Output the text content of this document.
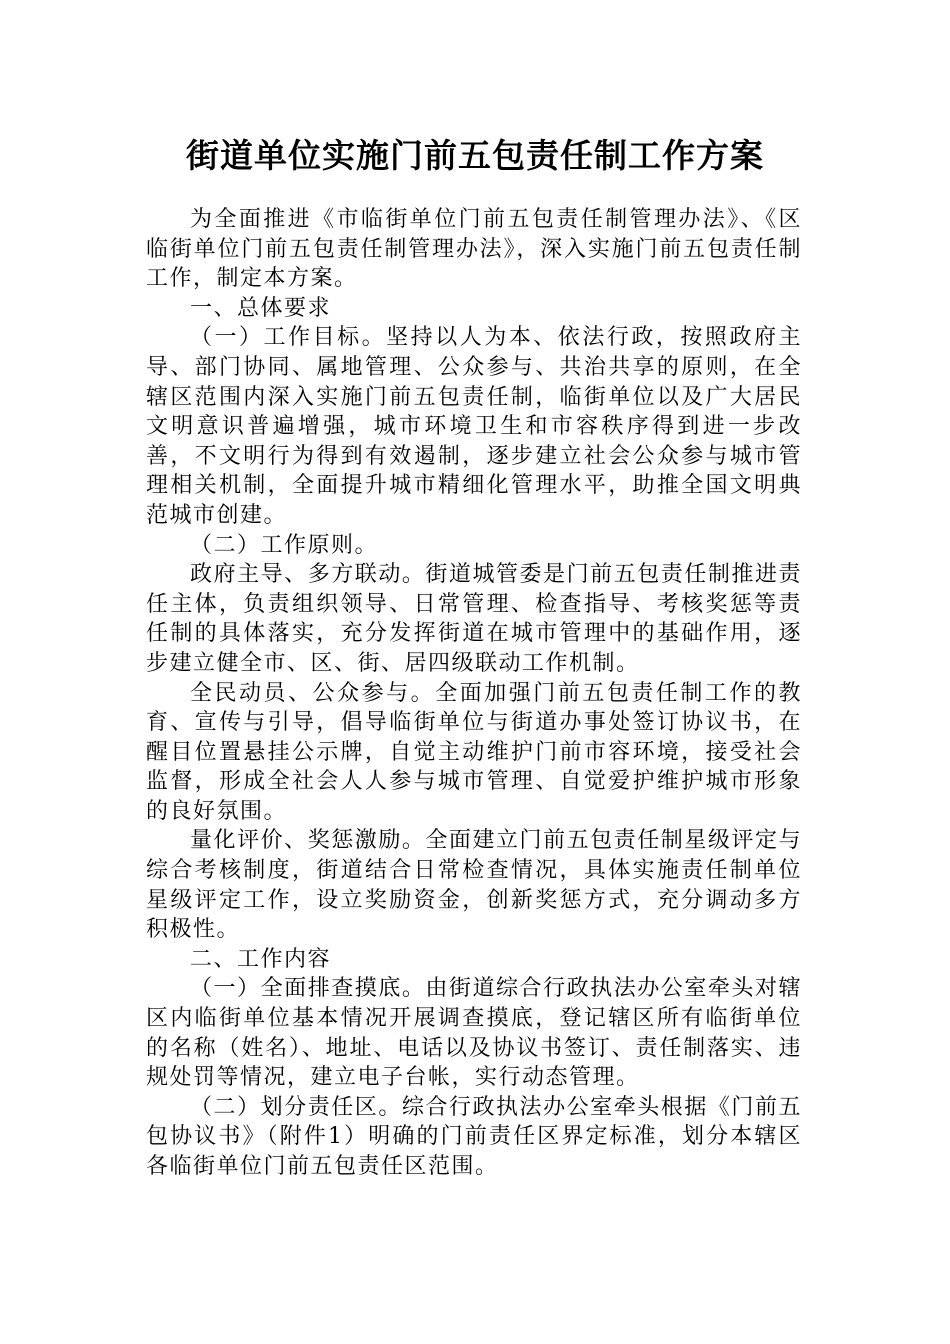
街道单位实施门前五包责任制工作方案

为全面推进《市临街单位门前五包责任制管理办法》、《区临街单位门前五包责任制管理办法》，深入实施门前五包责任制工作，制定本方案。

一、总体要求

（一）工作目标。坚持以人为本、依法行政，按照政府主导、部门协同、属地管理、公众参与、共治共享的原则，在全辖区范围内深入实施门前五包责任制，临街单位以及广大居民文明意识普遍增强，城市环境卫生和市容秩序得到进一步改善，不文明行为得到有效遏制，逐步建立社会公众参与城市管理相关机制，全面提升城市精细化管理水平，助推全国文明典范城市创建。

（二）工作原则。

政府主导、多方联动。街道城管委是门前五包责任制推进责任主体，负责组织领导、日常管理、检查指导、考核奖惩等责任制的具体落实，充分发挥街道在城市管理中的基础作用，逐步建立健全市、区、街、居四级联动工作机制。

全民动员、公众参与。全面加强门前五包责任制工作的教育、宣传与引导，倡导临街单位与街道办事处签订协议书，在醒目位置悬挂公示牌，自觉主动维护门前市容环境，接受社会监督，形成全社会人人参与城市管理、自觉爱护维护城市形象的良好氛围。

量化评价、奖惩激励。全面建立门前五包责任制星级评定与综合考核制度，街道结合日常检查情况，具体实施责任制单位星级评定工作，设立奖励资金，创新奖惩方式，充分调动多方积极性。

二、工作内容

（一）全面排查摸底。由街道综合行政执法办公室牵头对辖区内临街单位基本情况开展调查摸底，登记辖区所有临街单位的名称（姓名）、地址、电话以及协议书签订、责任制落实、违规处罚等情况，建立电子台帐，实行动态管理。

（二）划分责任区。综合行政执法办公室牵头根据《门前五包协议书》（附件1）明确的门前责任区界定标准，划分本辖区各临街单位门前五包责任区范围。
